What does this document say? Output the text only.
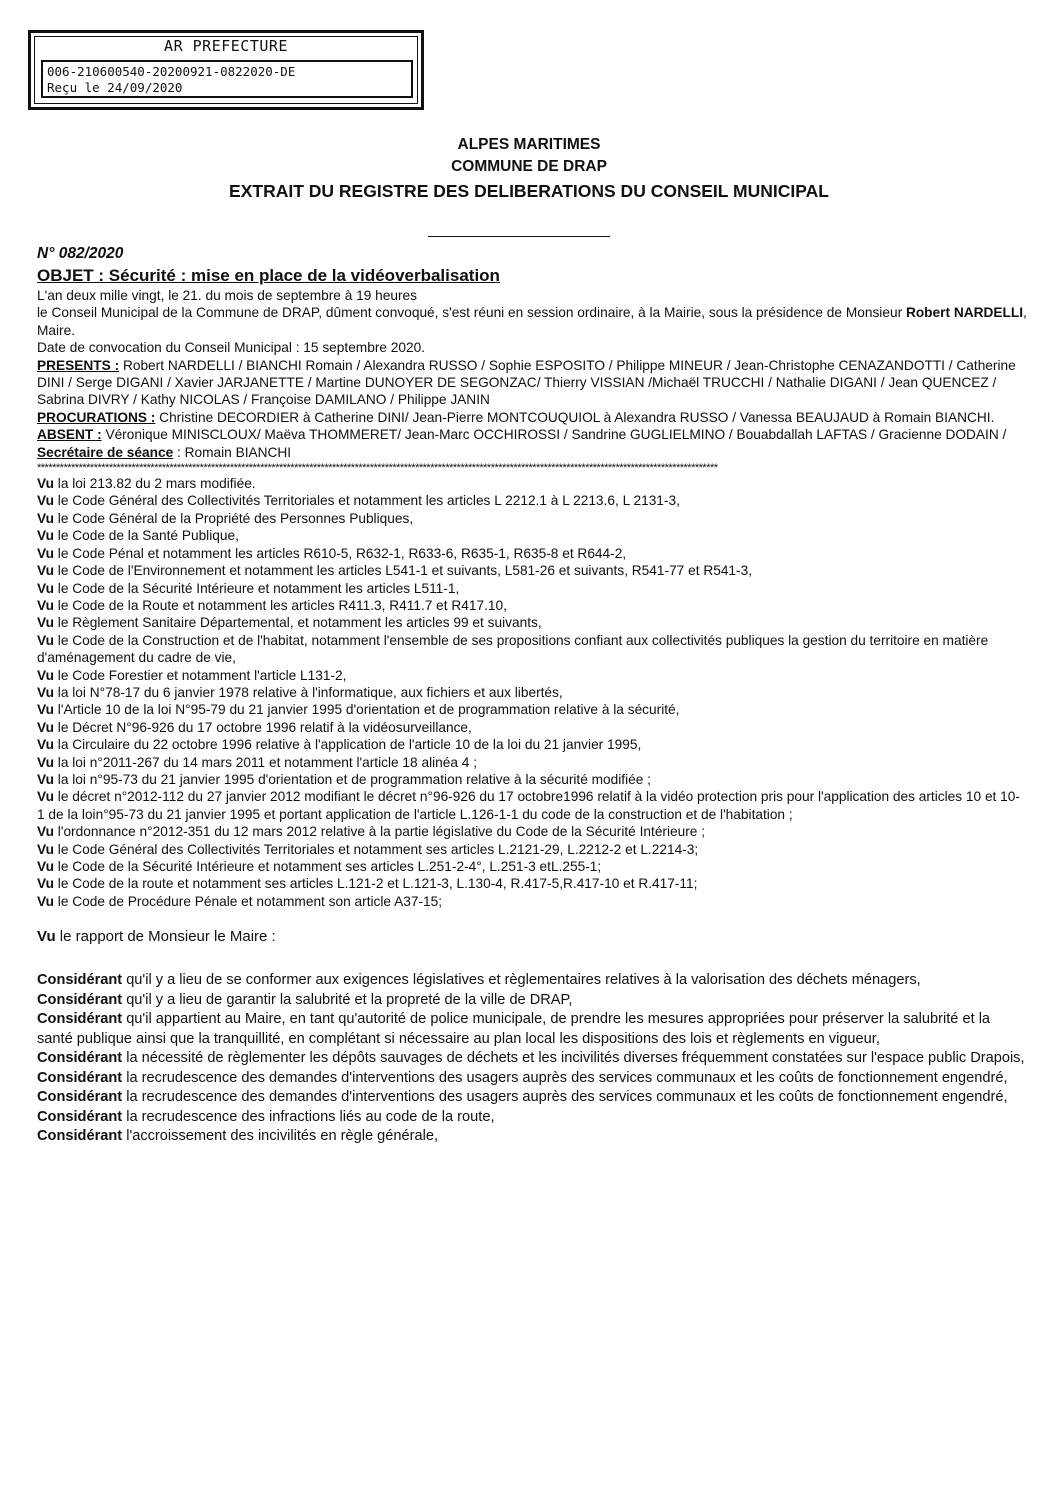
AR PREFECTURE
006-210600540-20200921-0822020-DE
Reçu le 24/09/2020
ALPES MARITIMES
COMMUNE DE DRAP
EXTRAIT DU REGISTRE DES DELIBERATIONS DU CONSEIL MUNICIPAL
N° 082/2020
OBJET : Sécurité : mise en place de la vidéoverbalisation

L'an deux mille vingt, le 21. du mois de septembre à 19 heures

le Conseil Municipal de la Commune de DRAP, dûment convoqué, s'est réuni en session ordinaire, à la Mairie, sous la présidence de Monsieur Robert NARDELLI, Maire.

Date de convocation du Conseil Municipal : 15 septembre 2020.

PRESENTS : Robert NARDELLI / BIANCHI Romain / Alexandra RUSSO / Sophie ESPOSITO / Philippe MINEUR / Jean-Christophe CENAZANDOTTI / Catherine DINI / Serge DIGANI / Xavier JARJANETTE / Martine DUNOYER DE SEGONZAC/ Thierry VISSIAN /Michaël TRUCCHI / Nathalie DIGANI / Jean QUENCEZ / Sabrina DIVRY / Kathy NICOLAS / Françoise DAMILANO / Philippe JANIN

PROCURATIONS : Christine DECORDIER à Catherine DINI/ Jean-Pierre MONTCOUQUIOL à Alexandra RUSSO / Vanessa BEAUJAUD à Romain BIANCHI.

ABSENT : Véronique MINISCLOUX/ Maëva THOMMERET/ Jean-Marc OCCHIROSSI / Sandrine GUGLIELMINO / Bouabdallah LAFTAS / Gracienne DODAIN /

Secrétaire de séance : Romain BIANCHI

************************************************************************************************************************************************************************************

Vu la loi 213.82 du 2 mars modifiée.

Vu le Code Général des Collectivités Territoriales et notamment les articles L 2212.1 à L 2213.6, L 2131-3,

Vu le Code Général de la Propriété des Personnes Publiques,

Vu le Code de la Santé Publique,

Vu le Code Pénal et notamment les articles R610-5, R632-1, R633-6, R635-1, R635-8 et R644-2,

Vu le Code de l'Environnement et notamment les articles L541-1 et suivants, L581-26 et suivants, R541-77 et R541-3,

Vu le Code de la Sécurité Intérieure et notamment les articles L511-1,

Vu le Code de la Route et notamment les articles R411.3, R411.7 et R417.10,

Vu le Règlement Sanitaire Départemental, et notamment les articles 99 et suivants,

Vu le Code de la Construction et de l'habitat, notamment l'ensemble de ses propositions confiant aux collectivités publiques la gestion du territoire en matière d'aménagement du cadre de vie,

Vu le Code Forestier et notamment l'article L131-2,

Vu la loi N°78-17 du 6 janvier 1978 relative à l'informatique, aux fichiers et aux libertés,

Vu l'Article 10 de la loi N°95-79 du 21 janvier 1995 d'orientation et de programmation relative à la sécurité,

Vu le Décret N°96-926 du 17 octobre 1996 relatif à la vidéosurveillance,

Vu la Circulaire du 22 octobre 1996 relative à l'application de l'article 10 de la loi du 21 janvier 1995,

Vu la loi n°2011-267 du 14 mars 2011 et notamment l'article 18 alinéa 4 ;

Vu la loi n°95-73 du 21 janvier 1995 d'orientation et de programmation relative à la sécurité modifiée ;

Vu le décret n°2012-112 du 27 janvier 2012 modifiant le décret n°96-926 du 17 octobre1996 relatif à la vidéo protection pris pour l'application des articles 10 et 10-1 de la loin°95-73 du 21 janvier 1995 et portant application de l'article L.126-1-1 du code de la construction et de l'habitation ;

Vu l'ordonnance n°2012-351 du 12 mars 2012 relative à la partie législative du Code de la Sécurité Intérieure ;

Vu le Code Général des Collectivités Territoriales et notamment ses articles L.2121-29, L.2212-2 et L.2214-3;

Vu le Code de la Sécurité Intérieure et notamment ses articles L.251-2-4°, L.251-3 etL.255-1;

Vu le Code de la route et notamment ses articles L.121-2 et L.121-3, L.130-4, R.417-5,R.417-10 et R.417-11;

Vu le Code de Procédure Pénale et notamment son article A37-15;

Vu le rapport de Monsieur le Maire :

Considérant qu'il y a lieu de se conformer aux exigences législatives et règlementaires relatives à la valorisation des déchets ménagers,

Considérant qu'il y a lieu de garantir la salubrité et la propreté de la ville de DRAP,

Considérant qu'il appartient au Maire, en tant qu'autorité de police municipale, de prendre les mesures appropriées pour préserver la salubrité et la santé publique ainsi que la tranquillité, en complétant si nécessaire au plan local les dispositions des lois et règlements en vigueur,

Considérant la nécessité de règlementer les dépôts sauvages de déchets et les incivilités diverses fréquemment constatées sur l'espace public Drapois,

Considérant la recrudescence des demandes d'interventions des usagers auprès des services communaux et les coûts de fonctionnement engendré,

Considérant la recrudescence des demandes d'interventions des usagers auprès des services communaux et les coûts de fonctionnement engendré,

Considérant la recrudescence des infractions liés au code de la route,

Considérant l'accroissement des incivilités en règle générale,
